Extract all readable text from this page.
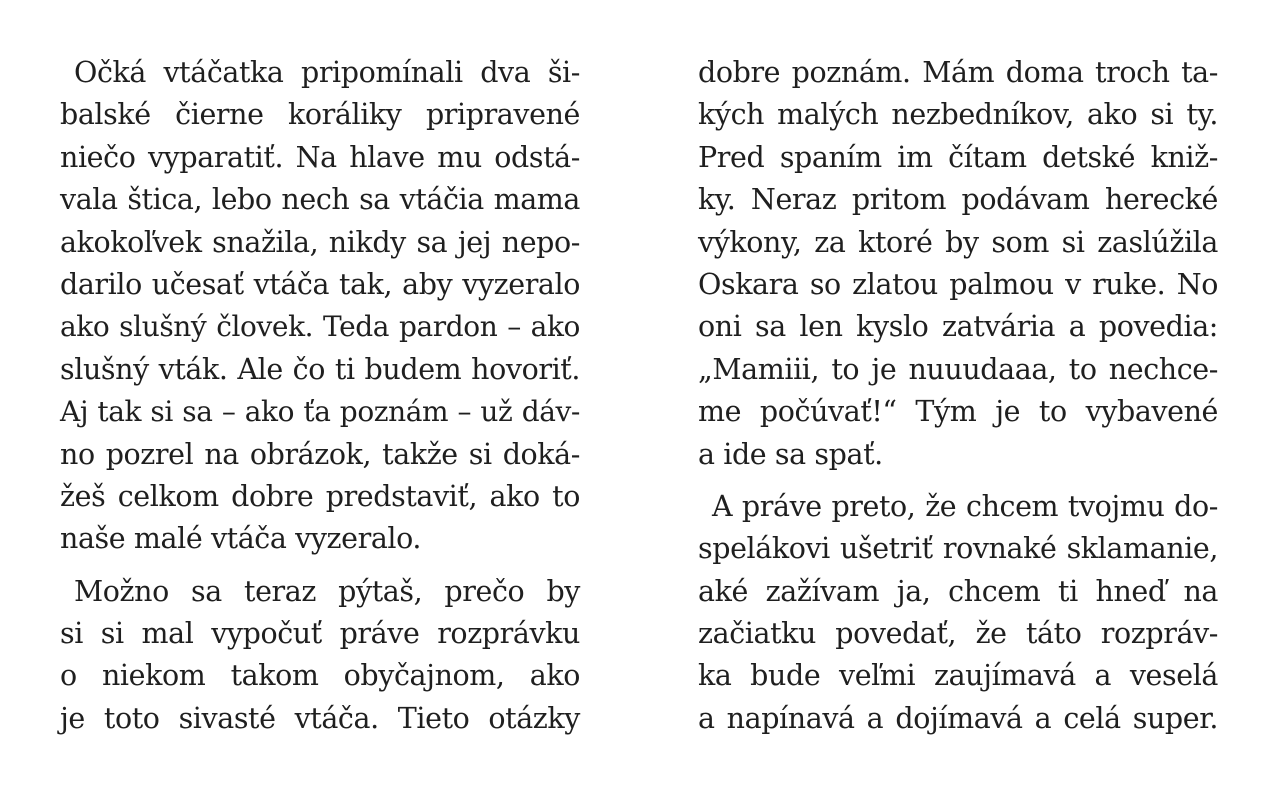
Očká vtáčatka pripomínali dva ši-
balské čierne koráliky pripravené
niečo vyparatiť. Na hlave mu odstá-
vala štica, lebo nech sa vtáčia mama
akokoľvek snažila, nikdy sa jej nepo-
darilo učesať vtáča tak, aby vyzeralo
ako slušný človek. Teda pardon – ako
slušný vták. Ale čo ti budem hovoriť.
Aj tak si sa – ako ťa poznám – už dáv-
no pozrel na obrázok, takže si doká-
žeš celkom dobre predstaviť, ako to
naše malé vtáča vyzeralo.
Možno sa teraz pýtaš, prečo by
si si mal vypočuť práve rozprávku
o niekom takom obyčajnom, ako
je toto sivasté vtáča. Tieto otázky
dobre poznám. Mám doma troch ta-
kých malých nezbedníkov, ako si ty.
Pred spaním im čítam detské kniž-
ky. Neraz pritom podávam herecké
výkony, za ktoré by som si zaslúžila
Oskara so zlatou palmou v ruke. No
oni sa len kyslo zatvária a povedia:
„Mamiii, to je nuuudaaa, to nechce-
me počúvať!“ Tým je to vybavené
a ide sa spať.
A práve preto, že chcem tvojmu do-
spelákovi ušetriť rovnaké sklamanie,
aké zažívam ja, chcem ti hneď na
začiatku povedať, že táto rozpráv-
ka bude veľmi zaujímavá a veselá
a napínavá a dojímavá a celá super.
